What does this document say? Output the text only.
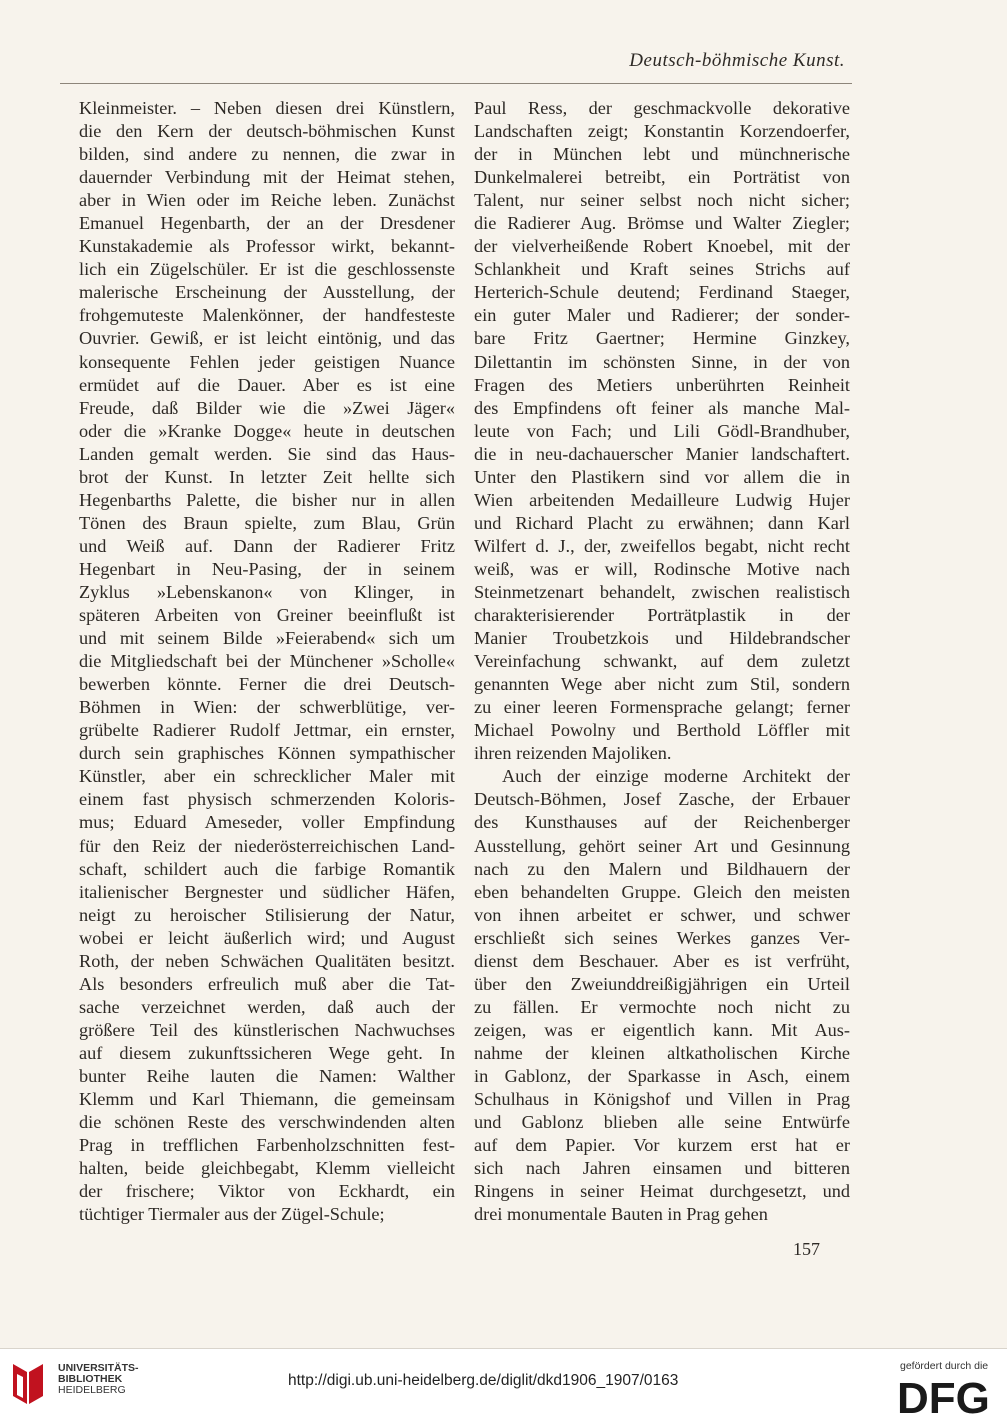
Deutsch-böhmische Kunst.
Kleinmeister. – Neben diesen drei Künstlern,
die den Kern der deutsch-böhmischen Kunst
bilden, sind andere zu nennen, die zwar in
dauernder Verbindung mit der Heimat stehen,
aber in Wien oder im Reiche leben. Zunächst
Emanuel Hegenbarth, der an der Dresdener
Kunstakademie als Professor wirkt, bekannt-
lich ein Zügelschüler. Er ist die geschlossenste
malerische Erscheinung der Ausstellung, der
frohgemuteste Malenkönner, der handfesteste
Ouvrier. Gewiß, er ist leicht eintönig, und das
konsequente Fehlen jeder geistigen Nuance
ermüdet auf die Dauer. Aber es ist eine
Freude, daß Bilder wie die »Zwei Jäger«
oder die »Kranke Dogge« heute in deutschen
Landen gemalt werden. Sie sind das Haus-
brot der Kunst. In letzter Zeit hellte sich
Hegenbarths Palette, die bisher nur in allen
Tönen des Braun spielte, zum Blau, Grün
und Weiß auf. Dann der Radierer Fritz
Hegenbart in Neu-Pasing, der in seinem
Zyklus »Lebenskanon« von Klinger, in
späteren Arbeiten von Greiner beeinflußt ist
und mit seinem Bilde »Feierabend« sich um
die Mitgliedschaft bei der Münchener »Scholle«
bewerben könnte. Ferner die drei Deutsch-
Böhmen in Wien: der schwerblütige, ver-
grübelte Radierer Rudolf Jettmar, ein ernster,
durch sein graphisches Können sympathischer
Künstler, aber ein schrecklicher Maler mit
einem fast physisch schmerzenden Koloris-
mus; Eduard Ameseder, voller Empfindung
für den Reiz der niederösterreichischen Land-
schaft, schildert auch die farbige Romantik
italienischer Bergnester und südlicher Häfen,
neigt zu heroischer Stilisierung der Natur,
wobei er leicht äußerlich wird; und August
Roth, der neben Schwächen Qualitäten besitzt.
Als besonders erfreulich muß aber die Tat-
sache verzeichnet werden, daß auch der
größere Teil des künstlerischen Nachwuchses
auf diesem zukunftssicheren Wege geht. In
bunter Reihe lauten die Namen: Walther
Klemm und Karl Thiemann, die gemeinsam
die schönen Reste des verschwindenden alten
Prag in trefflichen Farbenholzschnitten fest-
halten, beide gleichbegabt, Klemm vielleicht
der frischere; Viktor von Eckhardt, ein
tüchtiger Tiermaler aus der Zügel-Schule;
Paul Ress, der geschmackvolle dekorative
Landschaften zeigt; Konstantin Korzendoerfer,
der in München lebt und münchnerische
Dunkelmalerei betreibt, ein Porträtist von
Talent, nur seiner selbst noch nicht sicher;
die Radierer Aug. Brömse und Walter Ziegler;
der vielverheißende Robert Knoebel, mit der
Schlankheit und Kraft seines Strichs auf
Herterich-Schule deutend; Ferdinand Staeger,
ein guter Maler und Radierer; der sonder-
bare Fritz Gaertner; Hermine Ginzkey,
Dilettantin im schönsten Sinne, in der von
Fragen des Metiers unberührten Reinheit
des Empfindens oft feiner als manche Mal-
leute von Fach; und Lili Gödl-Brandhuber,
die in neu-dachauerscher Manier landschaftert.
Unter den Plastikern sind vor allem die in
Wien arbeitenden Medailleure Ludwig Hujer
und Richard Placht zu erwähnen; dann Karl
Wilfert d. J., der, zweifellos begabt, nicht recht
weiß, was er will, Rodinsche Motive nach
Steinmetzenart behandelt, zwischen realistisch
charakterisierender Porträtplastik in der
Manier Troubetzkois und Hildebrandscher
Vereinfachung schwankt, auf dem zuletzt
genannten Wege aber nicht zum Stil, sondern
zu einer leeren Formensprache gelangt; ferner
Michael Powolny und Berthold Löffler mit
ihren reizenden Majoliken.
Auch der einzige moderne Architekt der
Deutsch-Böhmen, Josef Zasche, der Erbauer
des Kunsthauses auf der Reichenberger
Ausstellung, gehört seiner Art und Gesinnung
nach zu den Malern und Bildhauern der
eben behandelten Gruppe. Gleich den meisten
von ihnen arbeitet er schwer, und schwer
erschließt sich seines Werkes ganzes Ver-
dienst dem Beschauer. Aber es ist verfrüht,
über den Zweiunddreißigjährigen ein Urteil
zu fällen. Er vermochte noch nicht zu
zeigen, was er eigentlich kann. Mit Aus-
nahme der kleinen altkatholischen Kirche
in Gablonz, der Sparkasse in Asch, einem
Schulhaus in Königshof und Villen in Prag
und Gablonz blieben alle seine Entwürfe
auf dem Papier. Vor kurzem erst hat er
sich nach Jahren einsamen und bitteren
Ringens in seiner Heimat durchgesetzt, und
drei monumentale Bauten in Prag gehen
157
UNIVERSITÄTS-
BIBLIOTHEK
HEIDELBERG
http://digi.ub.uni-heidelberg.de/diglit/dkd1906_1907/0163
gefördert durch die
DFG
